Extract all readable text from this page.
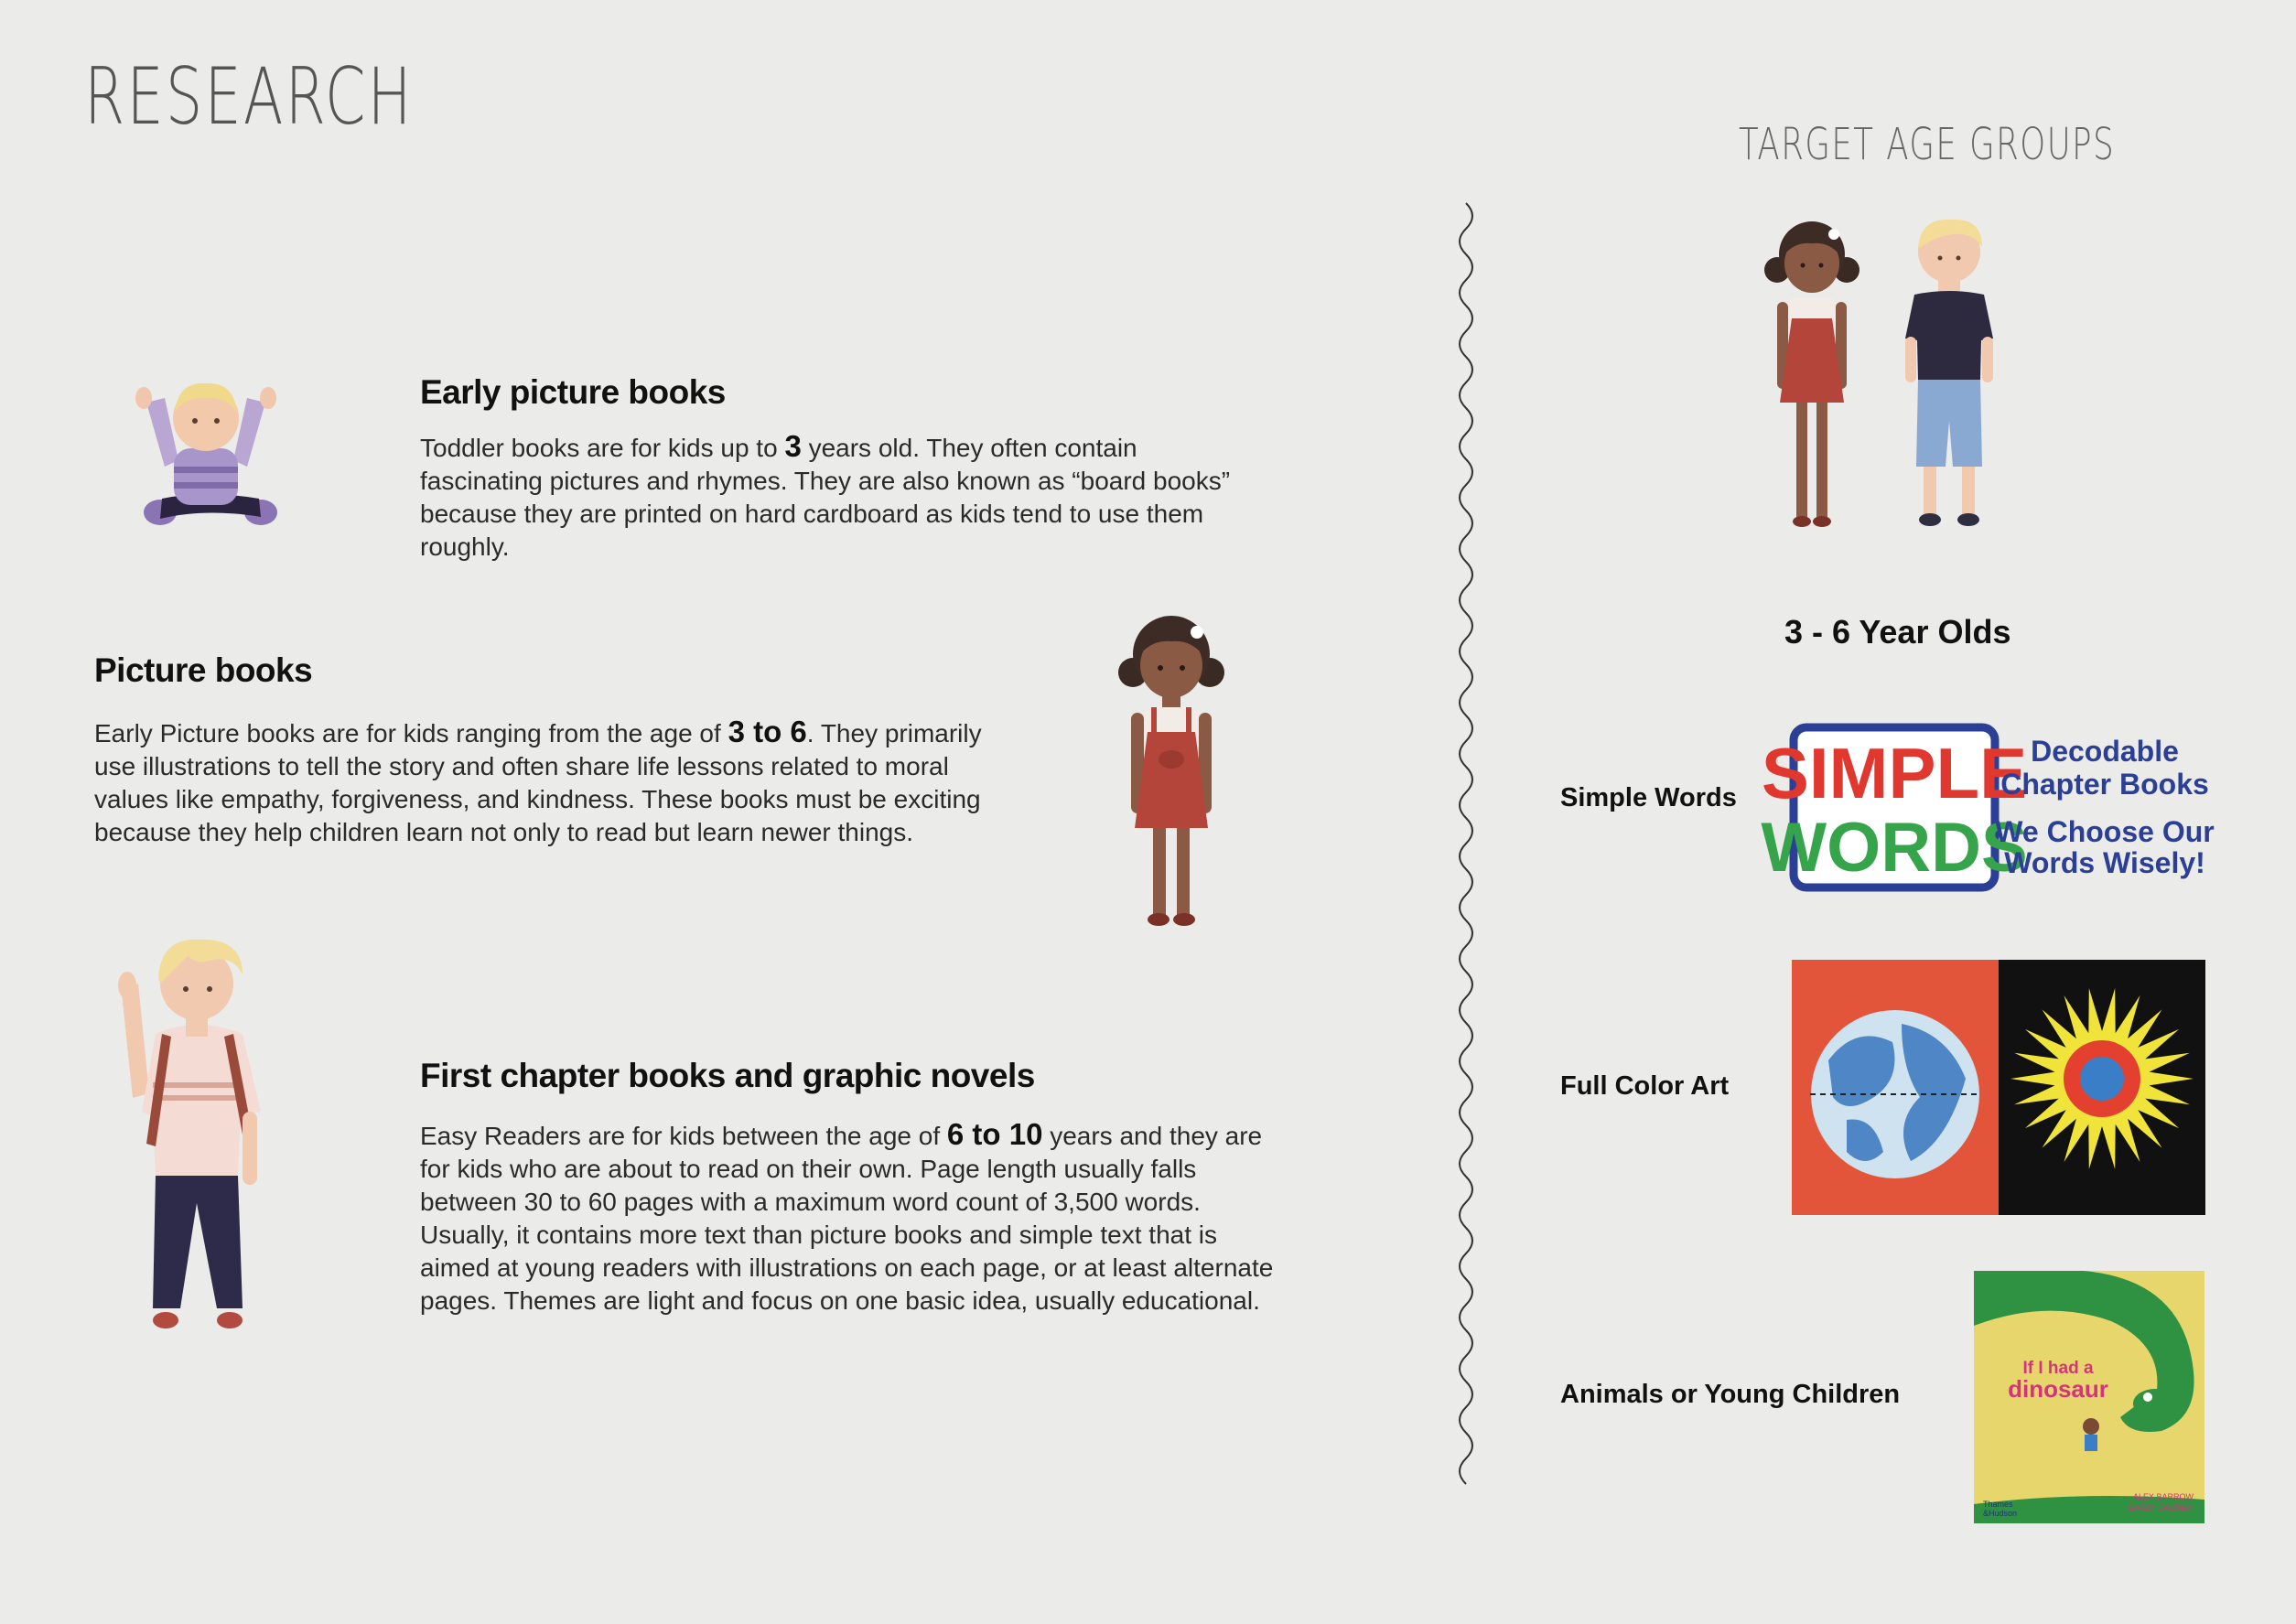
RESEARCH
Early picture books
Toddler books are for kids up to 3 years old. They often contain fascinating pictures and rhymes. They are also known as “board books” because they are printed on hard cardboard as kids tend to use them roughly.
Picture books
Early Picture books are for kids ranging from the age of 3 to 6. They primarily use illustrations to tell the story and often share life lessons related to moral values like empathy, forgiveness, and kindness. These books must be exciting because they help children learn not only to read but learn newer things.
First chapter books and graphic novels
Easy Readers are for kids between the age of 6 to 10 years and they are for kids who are about to read on their own. Page length usually falls between 30 to 60 pages with a maximum word count of 3,500 words. Usually, it contains more text than picture books and simple text that is aimed at young readers with illustrations on each page, or at least alternate pages. Themes are light and focus on one basic idea, usually educational.
TARGET AGE GROUPS
3 - 6 Year Olds
Simple Words SIMPLE
WORDS
Decodable
Chapter Books
We Choose Our
Words Wisely!
Full Color Art
Animals or Young Children
If I had a
dinosaur
Thames
&Hudson
ALEX BARROW
GABBY DAWNAY
